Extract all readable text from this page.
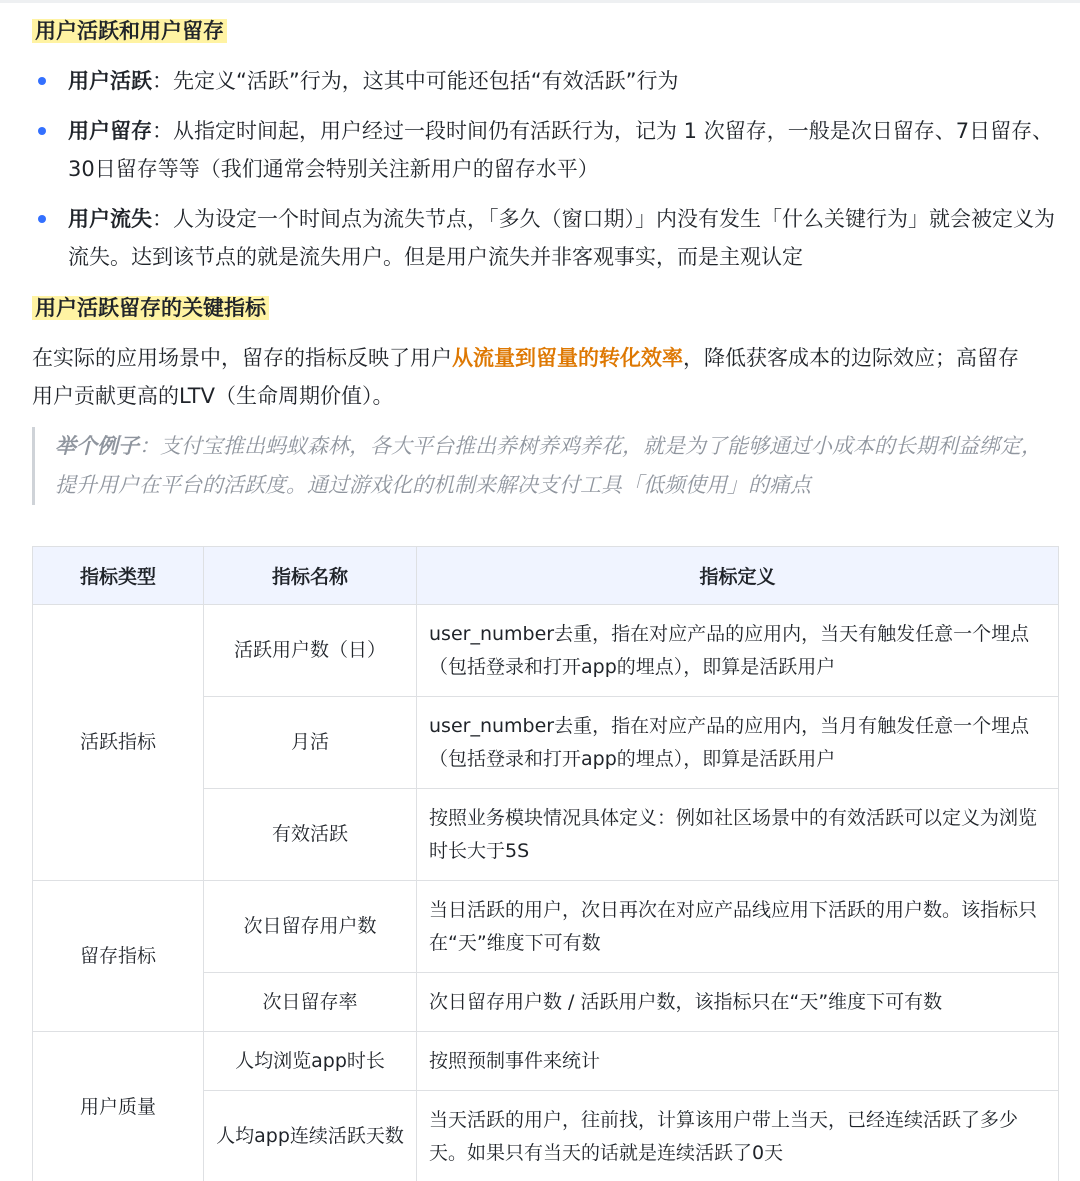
用户活跃和用户留存
用户活跃：先定义“活跃”行为，这其中可能还包括“有效活跃”行为
用户留存：从指定时间起，用户经过一段时间仍有活跃行为，记为 1 次留存，一般是次日留存、7日留存、30日留存等等（我们通常会特别关注新用户的留存水平）
用户流失：人为设定一个时间点为流失节点，「多久（窗口期）」内没有发生「什么关键行为」就会被定义为流失。达到该节点的就是流失用户。但是用户流失并非客观事实，而是主观认定
用户活跃留存的关键指标
在实际的应用场景中，留存的指标反映了用户从流量到留量的转化效率，降低获客成本的边际效应；高留存用户贡献更高的LTV（生命周期价值）。
举个例子：支付宝推出蚂蚁森林，各大平台推出养树养鸡养花，就是为了能够通过小成本的长期利益绑定，提升用户在平台的活跃度。通过游戏化的机制来解决支付工具「低频使用」的痛点
指标类型	指标名称	指标定义
活跃指标	活跃用户数（日）	user_number去重，指在对应产品的应用内，当天有触发任意一个埋点（包括登录和打开app的埋点），即算是活跃用户
	月活	user_number去重，指在对应产品的应用内，当月有触发任意一个埋点（包括登录和打开app的埋点），即算是活跃用户
	有效活跃	按照业务模块情况具体定义：例如社区场景中的有效活跃可以定义为浏览时长大于5S
留存指标	次日留存用户数	当日活跃的用户，次日再次在对应产品线应用下活跃的用户数。该指标只在“天”维度下可有数
	次日留存率	次日留存用户数 / 活跃用户数，该指标只在“天”维度下可有数
用户质量	人均浏览app时长	按照预制事件来统计
	人均app连续活跃天数	当天活跃的用户，往前找，计算该用户带上当天，已经连续活跃了多少天。如果只有当天的话就是连续活跃了0天
